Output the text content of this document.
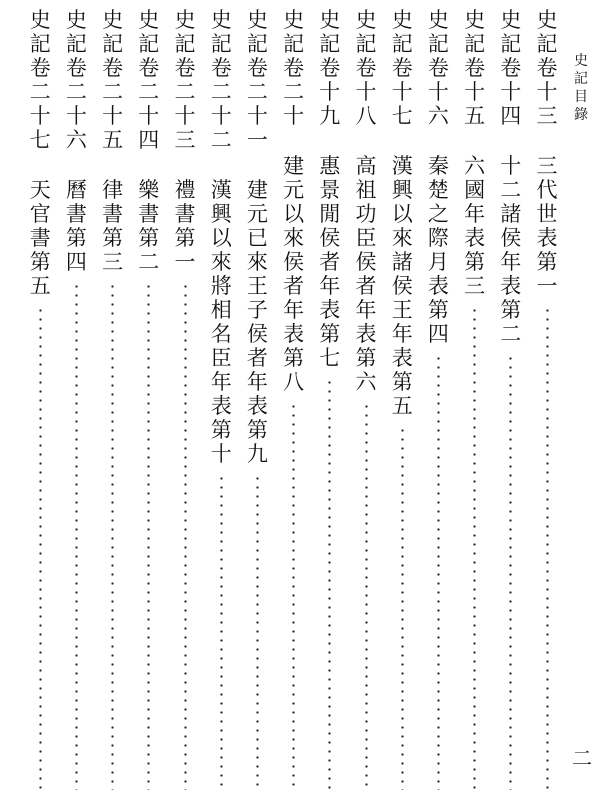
史
記
目
錄
史
記
卷
十
三
三
代
世
表
第
一
史
記
卷
十
四
十
二
諸
侯
年
表
第
二
史
記
卷
十
五
六
國
年
表
第
三
史
記
卷
十
六
秦
楚
之
際
月
表
第
四
史
記
卷
十
七
漢
興
以
來
諸
侯
王
年
表
第
五
史
記
卷
十
八
高
祖
功
臣
侯
者
年
表
第
六
史
記
卷
十
九
惠
景
閒
侯
者
年
表
第
七
史
記
卷
二
十
建
元
以
來
侯
者
年
表
第
八
史
記
卷
二
十
一
建
元
已
來
王
子
侯
者
年
表
第
九
史
記
卷
二
十
二
漢
興
以
來
將
相
名
臣
年
表
第
十
史
記
卷
二
十
三
禮
書
第
一
史
記
卷
二
十
四
樂
書
第
二
史
記
卷
二
十
五
律
書
第
三
史
記
卷
二
十
六
曆
書
第
四
史
記
卷
二
十
七
天
官
書
第
五
二
